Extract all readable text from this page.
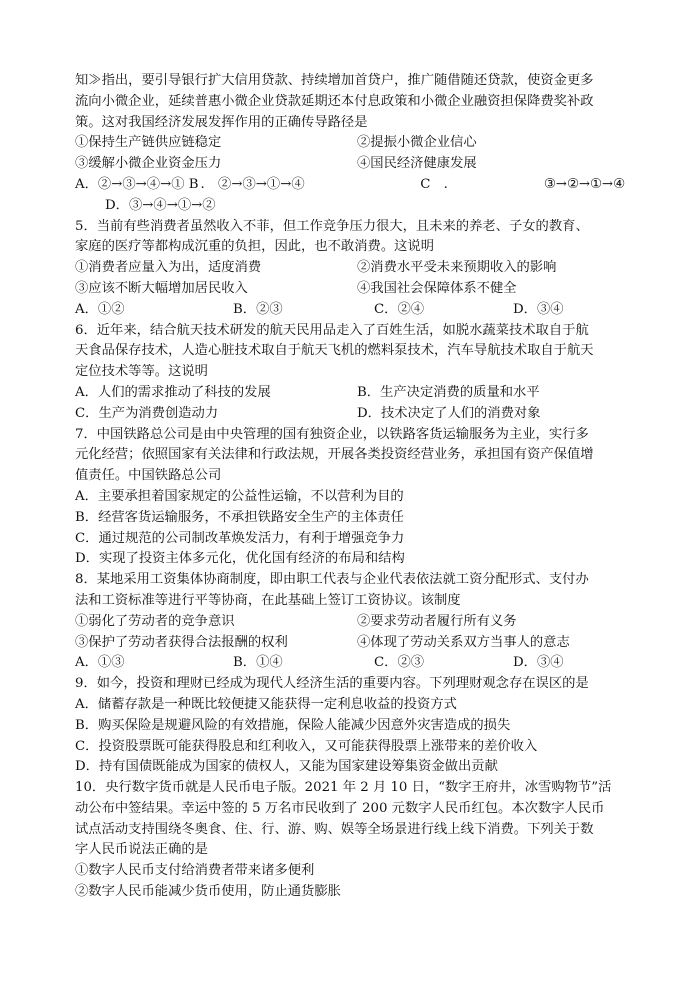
知≫指出，要引导银行扩大信用贷款、持续增加首贷户，推广随借随还贷款，使资金更多
流向小微企业，延续普惠小微企业贷款延期还本付息政策和小微企业融资担保降费奖补政
策。这对我国经济发展发挥作用的正确传导路径是
①保持生产链供应链稳定	②提振小微企业信心
③缓解小微企业资金压力	④国民经济健康发展
A．②→③→④→① B .　②→③→①→④	C　.	③→②→①→④
D．③→④→①→②
5．当前有些消费者虽然收入不菲，但工作竞争压力很大，且未来的养老、子女的教育、
家庭的医疗等都构成沉重的负担，因此，也不敢消费。这说明
①消费者应量入为出，适度消费	②消费水平受未来预期收入的影响
③应该不断大幅增加居民收入	④我国社会保障体系不健全
A．①②	B．②③	C．②④	D．③④
6．近年来，结合航天技术研发的航天民用品走入了百姓生活，如脱水蔬菜技术取自于航
天食品保存技术，人造心脏技术取自于航天飞机的燃料泵技术，汽车导航技术取自于航天
定位技术等等。这说明
A．人们的需求推动了科技的发展	B．生产决定消费的质量和水平
C．生产为消费创造动力	D．技术决定了人们的消费对象
7．中国铁路总公司是由中央管理的国有独资企业，以铁路客货运输服务为主业，实行多
元化经营；依照国家有关法律和行政法规，开展各类投资经营业务，承担国有资产保值增
值责任。中国铁路总公司
A．主要承担着国家规定的公益性运输，不以营利为目的
B．经营客货运输服务，不承担铁路安全生产的主体责任
C．通过规范的公司制改革焕发活力，有利于增强竞争力
D．实现了投资主体多元化，优化国有经济的布局和结构
8．某地采用工资集体协商制度，即由职工代表与企业代表依法就工资分配形式、支付办
法和工资标准等进行平等协商，在此基础上签订工资协议。该制度
①弱化了劳动者的竞争意识	②要求劳动者履行所有义务
③保护了劳动者获得合法报酬的权利	④体现了劳动关系双方当事人的意志
A．①③	B．①④	C．②③	D．③④
9．如今，投资和理财已经成为现代人经济生活的重要内容。下列理财观念存在误区的是
A．储蓄存款是一种既比较便捷又能获得一定利息收益的投资方式
B．购买保险是规避风险的有效措施，保险人能减少因意外灾害造成的损失
C．投资股票既可能获得股息和红利收入，又可能获得股票上涨带来的差价收入
D．持有国债既能成为国家的债权人，又能为国家建设筹集资金做出贡献
10．央行数字货币就是人民币电子版。2021 年 2 月 10 日，“数字王府井，冰雪购物节”活
动公布中签结果。幸运中签的 5 万名市民收到了 200 元数字人民币红包。本次数字人民币
试点活动支持围绕冬奥食、住、行、游、购、娱等全场景进行线上线下消费。下列关于数
字人民币说法正确的是
①数字人民币支付给消费者带来诸多便利
②数字人民币能减少货币使用，防止通货膨胀
